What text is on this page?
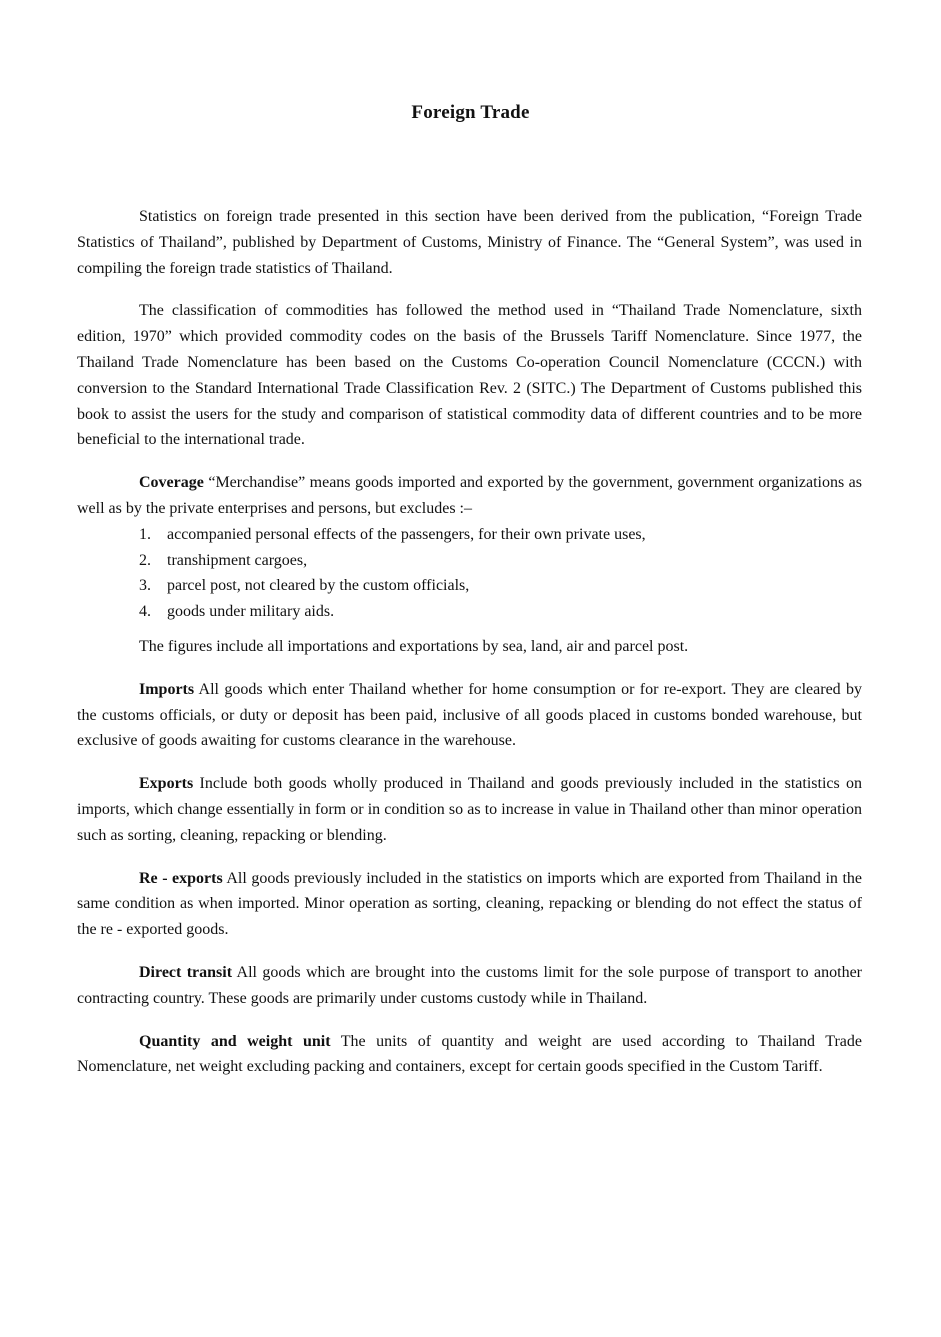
Foreign Trade

Statistics on foreign trade presented in this section have been derived from the publication, “Foreign Trade Statistics of Thailand”, published by Department of Customs, Ministry of Finance. The “General System”, was used in compiling the foreign trade statistics of Thailand.

The classification of commodities has followed the method used in “Thailand Trade Nomenclature, sixth edition, 1970” which provided commodity codes on the basis of the Brussels Tariff Nomenclature. Since 1977, the Thailand Trade Nomenclature has been based on the Customs Co-operation Council Nomenclature (CCCN.) with conversion to the Standard International Trade Classification Rev. 2 (SITC.) The Department of Customs published this book to assist the users for the study and comparison of statistical commodity data of different countries and to be more beneficial to the international trade.

Coverage “Merchandise” means goods imported and exported by the government, government organizations as well as by the private enterprises and persons, but excludes :–

1. accompanied personal effects of the passengers, for their own private uses,
2. transhipment cargoes,
3. parcel post, not cleared by the custom officials,
4. goods under military aids.

The figures include all importations and exportations by sea, land, air and parcel post.

Imports All goods which enter Thailand whether for home consumption or for re-export. They are cleared by the customs officials, or duty or deposit has been paid, inclusive of all goods placed in customs bonded warehouse, but exclusive of goods awaiting for customs clearance in the warehouse.

Exports Include both goods wholly produced in Thailand and goods previously included in the statistics on imports, which change essentially in form or in condition so as to increase in value in Thailand other than minor operation such as sorting, cleaning, repacking or blending.

Re - exports All goods previously included in the statistics on imports which are exported from Thailand in the same condition as when imported. Minor operation as sorting, cleaning, repacking or blending do not effect the status of the re - exported goods.

Direct transit All goods which are brought into the customs limit for the sole purpose of transport to another contracting country. These goods are primarily under customs custody while in Thailand.

Quantity and weight unit The units of quantity and weight are used according to Thailand Trade Nomenclature, net weight excluding packing and containers, except for certain goods specified in the Custom Tariff.
